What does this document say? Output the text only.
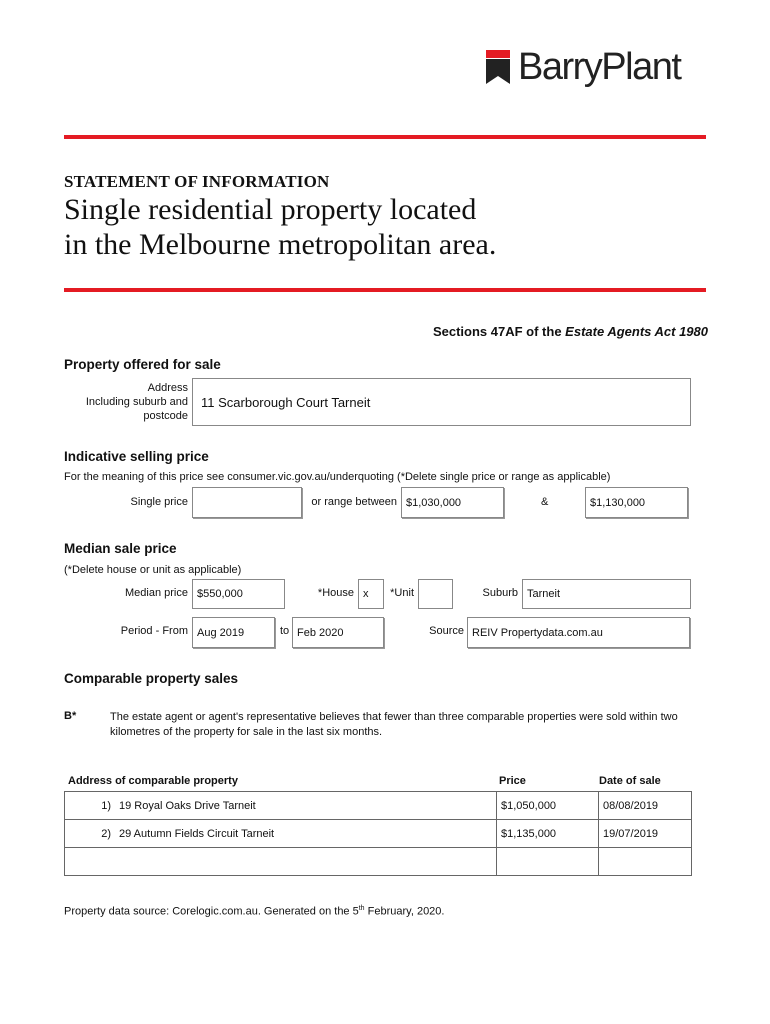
BarryPlant
STATEMENT OF INFORMATION
Single residential property located
in the Melbourne metropolitan area.
Sections 47AF of the Estate Agents Act 1980
Property offered for sale
Address
Including suburb and
postcode
11 Scarborough Court Tarneit
Indicative selling price
For the meaning of this price see consumer.vic.gov.au/underquoting (*Delete single price or range as applicable)
Single price	or range between $1,030,000	&	$1,130,000
Median sale price
(*Delete house or unit as applicable)
Median price $550,000	*House x	*Unit	Suburb Tarneit
Period - From Aug 2019	to Feb 2020	Source REIV Propertydata.com.au
Comparable property sales
B*	The estate agent or agent's representative believes that fewer than three comparable properties were sold within two kilometres of the property for sale in the last six months.
Address of comparable property	Price	Date of sale
1) 19 Royal Oaks Drive Tarneit	$1,050,000	08/08/2019
2) 29 Autumn Fields Circuit Tarneit	$1,135,000	19/07/2019

Property data source: Corelogic.com.au. Generated on the 5th February, 2020.
